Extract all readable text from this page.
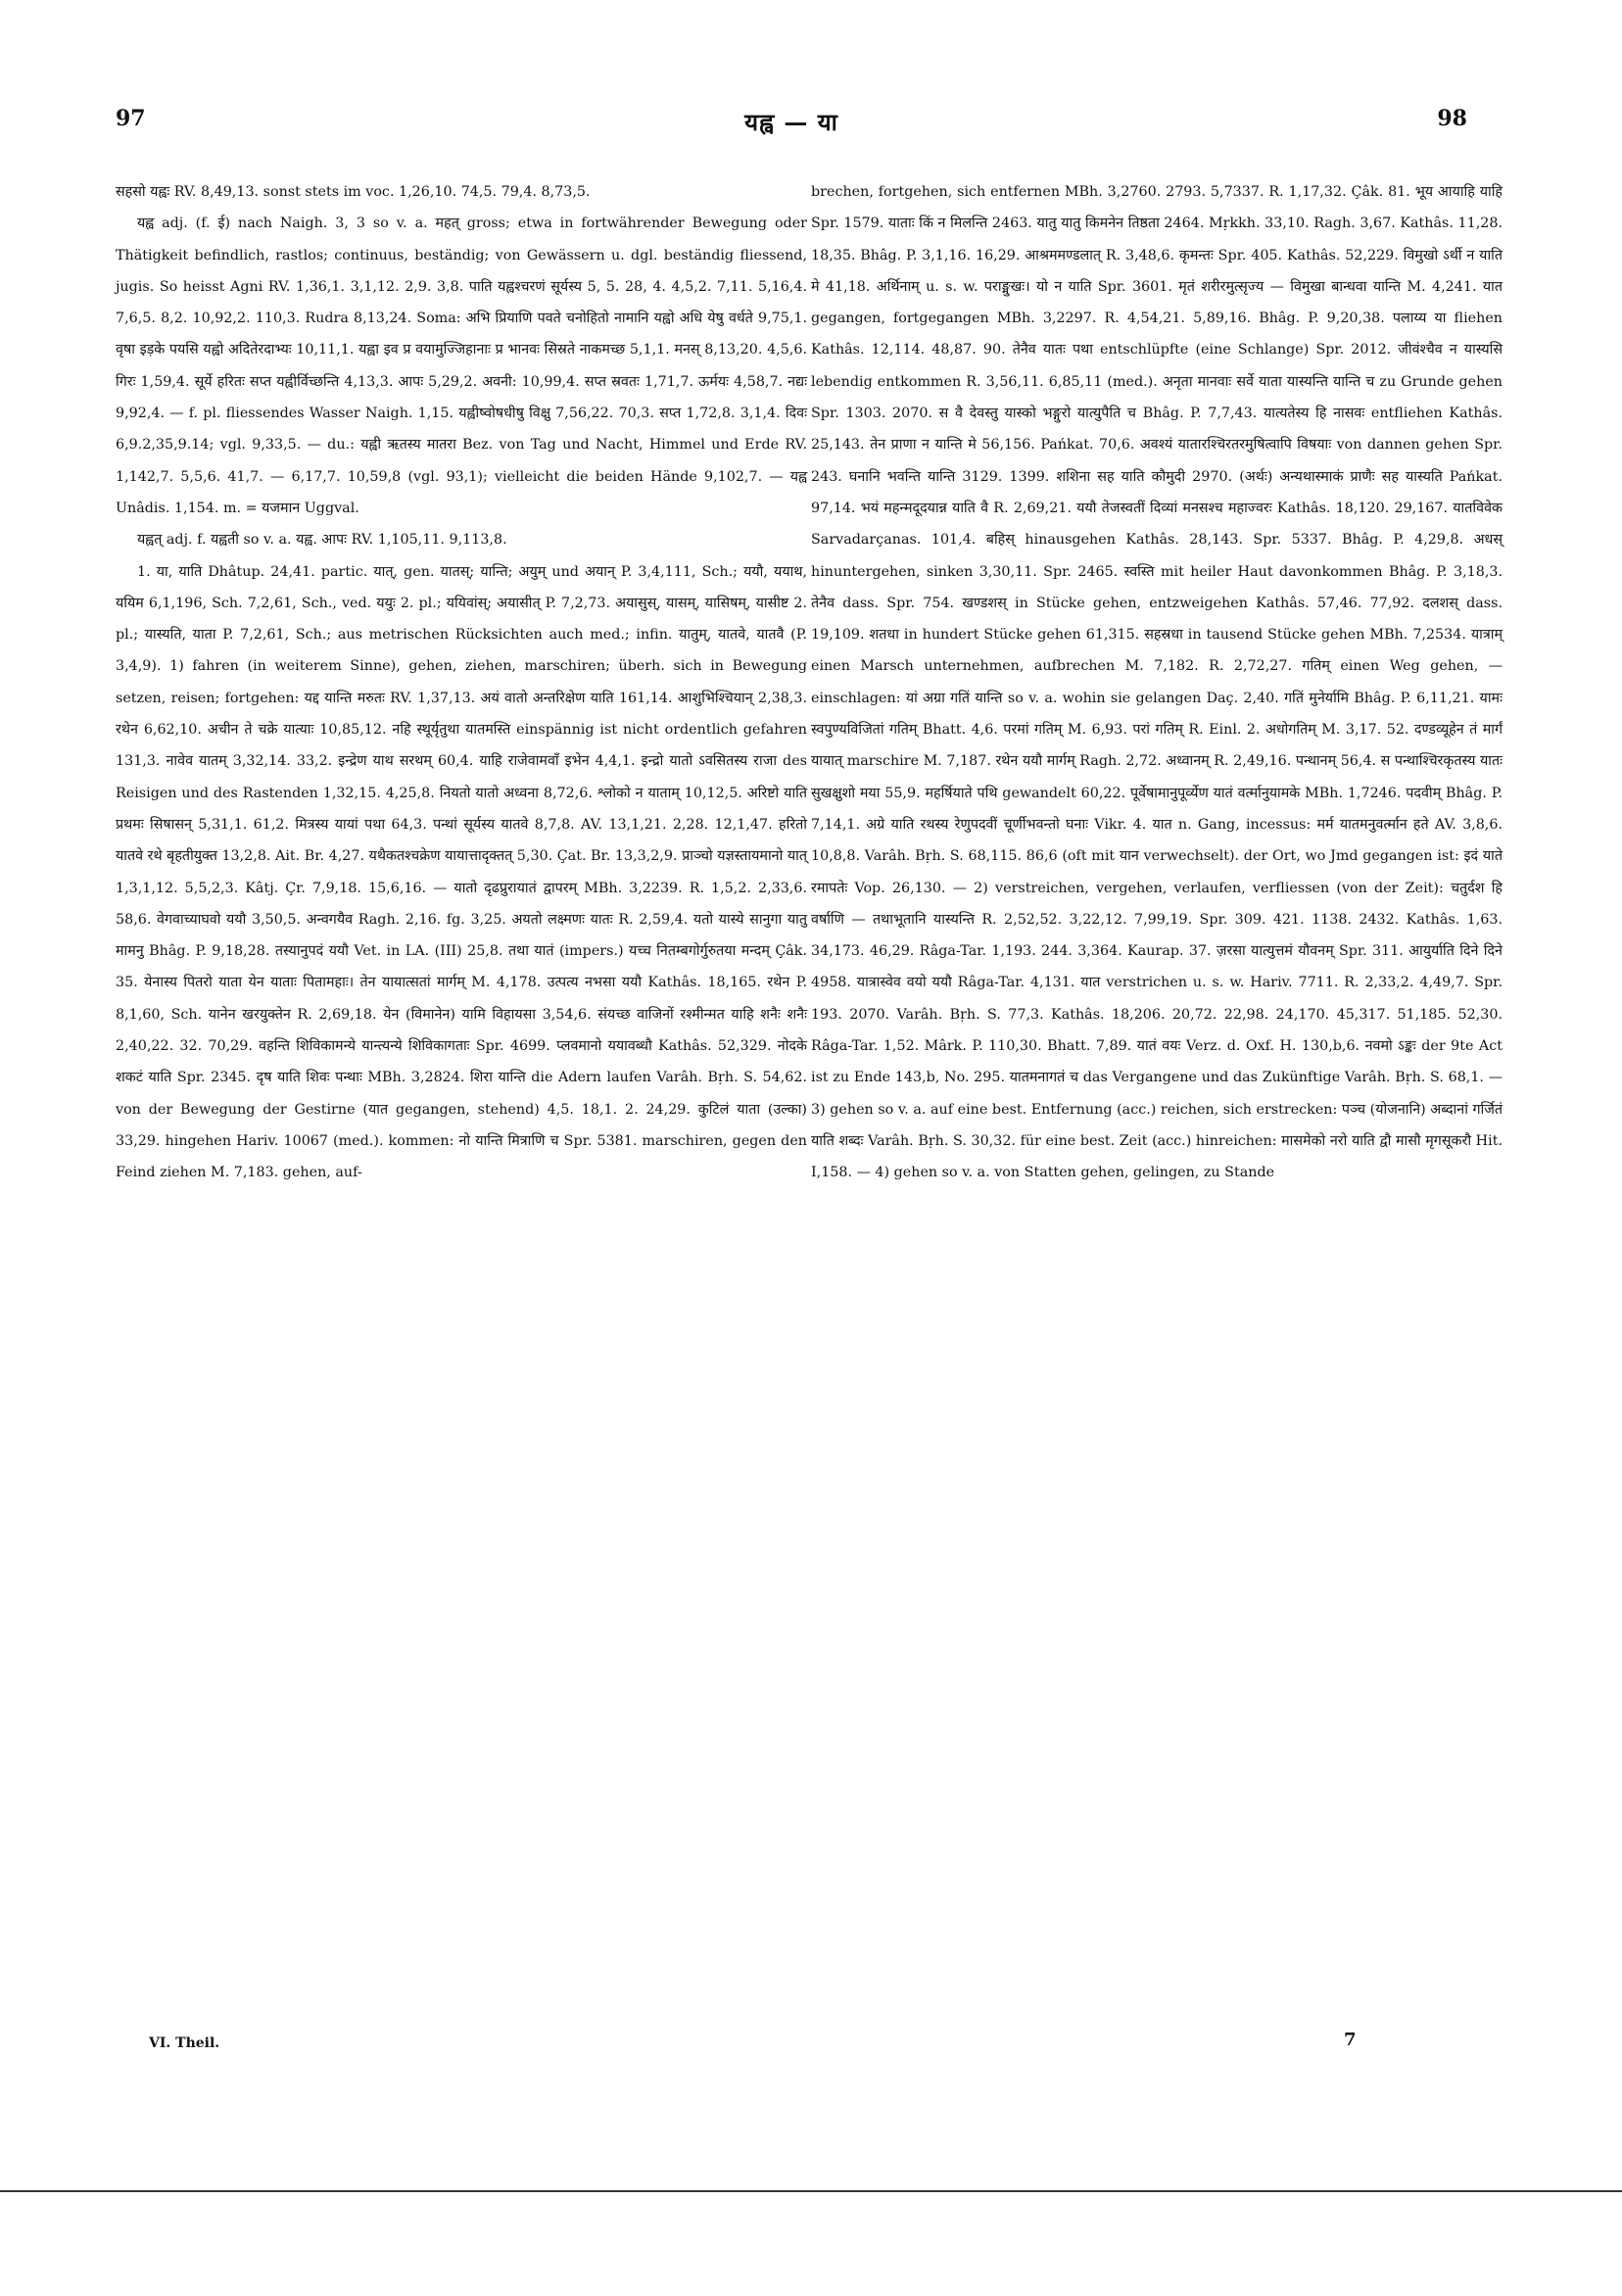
97	यह्व — या	98

सहसो यह्वः RV. 8,49,13. sonst stets im voc. 1,26,10. 74,5. 79,4. 8,73,5.

यह्व adj. (f. ई) nach Naigh. 3, 3 so v. a. महत् gross; etwa in fortwährender Bewegung oder Thätigkeit befindlich, rastlos; continuus, beständig; von Gewässern u. dgl. beständig fliessend, jugis. So heisst Agni RV. 1,36,1. 3,1,12. 2,9. 3,8. पाति यह्वश्चरणं सूर्यस्य 5, 5. 28, 4. 4,5,2. 7,11. 5,16,4. 7,6,5. 8,2. 10,92,2. 110,3. Rudra 8,13,24. Soma: अभि प्रियाणि पवते चनोहितो नामानि यह्वो अधि येषु वर्धते 9,75,1. वृषा इड़के पयसि यह्वो अदितेरदाभ्यः 10,11,1. यह्वा इव प्र वयामुज्जिहानाः प्र भानवः सिस्रते नाकमच्छ 5,1,1. मनस् 8,13,20. 4,5,6. गिरः 1,59,4. सूर्ये हरितः सप्त यह्वीर्विच्छन्ति 4,13,3. आपः 5,29,2. अवनी: 10,99,4. सप्त स्रवतः 1,71,7. ऊर्मयः 4,58,7. नद्यः 9,92,4. — f. pl. fliessendes Wasser Naigh. 1,15. यह्वीष्वोषधीषु विक्षु 7,56,22. 70,3. सप्त 1,72,8. 3,1,4. दिवः 6,9.2,35,9.14; vgl. 9,33,5. — du.: यह्वी ऋतस्य मातरा Bez. von Tag und Nacht, Himmel und Erde RV. 1,142,7. 5,5,6. 41,7. — 6,17,7. 10,59,8 (vgl. 93,1); vielleicht die beiden Hände 9,102,7. — यह्व Unâdis. 1,154. m. = यजमान Uggval.

यह्वत् adj. f. यह्वती so v. a. यह्व. आपः RV. 1,105,11. 9,113,8.

1. या, याति Dhâtup. 24,41. partic. यात्, gen. यातस्; यान्ति; अयुम् und अयान् P. 3,4,111, Sch.; ययौ, ययाथ, ययिम 6,1,196, Sch. 7,2,61, Sch., ved. ययुः 2. pl.; ययिवांस्; अयासीत् P. 7,2,73. अयासुस्, यासम्, यासिषम्, यासीष्ट 2. pl.; यास्यति, याता P. 7,2,61, Sch.; aus metrischen Rücksichten auch med.; infin. यातुम्, यातवे, यातवै (P. 3,4,9). 1) fahren (in weiterem Sinne), gehen, ziehen, marschiren; überh. sich in Bewegung setzen, reisen; fortgehen: यद्द यान्ति मरुतः RV. 1,37,13. अयं वातो अन्तरिक्षेण याति 161,14. आशुभिश्चियान् 2,38,3. रथेन 6,62,10. अचीन ते चक्रे यात्याः 10,85,12. नहि स्थूर्यृतुथा यातमस्ति einspännig ist nicht ordentlich gefahren 131,3. नावेव यातम् 3,32,14. 33,2. इन्द्रेण याथ सरथम् 60,4. याहि राजेवामवाँ इभेन 4,4,1. इन्द्रो यातो ऽवसितस्य राजा des Reisigen und des Rastenden 1,32,15. 4,25,8. नियतो यातो अध्वना 8,72,6. श्लोको न याताम् 10,12,5. अरिष्टो याति प्रथमः सिषासन् 5,31,1. 61,2. मित्रस्य यायां पथा 64,3. पन्थां सूर्यस्य यातवे 8,7,8. AV. 13,1,21. 2,28. 12,1,47. हरितो यातवे रथे बृहतीयुक्त 13,2,8. Ait. Br. 4,27. यथैकतश्चक्रेण यायात्तादृक्तत् 5,30. Çat. Br. 13,3,2,9. प्राञ्चो यज्ञस्तायमानो यात् 1,3,1,12. 5,5,2,3. Kâtj. Çr. 7,9,18. 15,6,16. — यातो दृढप्रुरायातं द्वापरम् MBh. 3,2239. R. 1,5,2. 2,33,6. 58,6. वेगवाच्याघवो ययौ 3,50,5. अन्वगयैव Ragh. 2,16. fg. 3,25. अयतो लक्ष्मणः यातः R. 2,59,4. यतो यास्ये सानुगा यातु मामनु Bhâg. P. 9,18,28. तस्यानुपदं ययौ Vet. in LA. (III) 25,8. तथा यातं (impers.) यच्च नितम्बगोर्गुरुतया मन्दम् Çâk. 35. येनास्य पितरो याता येन याताः पितामहाः। तेन यायात्सतां मार्गम् M. 4,178. उत्पत्य नभसा ययौ Kathâs. 18,165. रथेन P. 8,1,60, Sch. यानेन खरयुक्तेन R. 2,69,18. येन (विमानेन) यामि विहायसा 3,54,6. संयच्छ वाजिनों रश्मीन्मत याहि शनैः शनैः 2,40,22. 32. 70,29. वहन्ति शिविकामन्ये यान्त्यन्ये शिविकागताः Spr. 4699. प्लवमानो ययावब्धौ Kathâs. 52,329. नोदके शकटं याति Spr. 2345. दृष याति शिवः पन्थाः MBh. 3,2824. शिरा यान्ति die Adern laufen Varâh. Bṛh. S. 54,62. von der Bewegung der Gestirne (यात gegangen, stehend) 4,5. 18,1. 2. 24,29. कुटिलं याता (उल्का) 33,29. hingehen Hariv. 10067 (med.). kommen: नो यान्ति मित्राणि च Spr. 5381. marschiren, gegen den Feind ziehen M. 7,183. gehen, auf-

brechen, fortgehen, sich entfernen MBh. 3,2760. 2793. 5,7337. R. 1,17,32. Çâk. 81. भूय आयाहि याहि Spr. 1579. याताः किं न मिलन्ति 2463. यातु यातु किमनेन तिष्ठता 2464. Mṛkkh. 33,10. Ragh. 3,67. Kathâs. 11,28. 18,35. Bhâg. P. 3,1,16. 16,29. आश्रममण्डलात् R. 3,48,6. कृमन्तः Spr. 405. Kathâs. 52,229. विमुखो ऽर्थी न याति मे 41,18. अर्थिनाम् u. s. w. पराङ्मुखः। यो न याति Spr. 3601. मृतं शरीरमुत्सृज्य — विमुखा बान्धवा यान्ति M. 4,241. यात gegangen, fortgegangen MBh. 3,2297. R. 4,54,21. 5,89,16. Bhâg. P. 9,20,38. पलाय्य या fliehen Kathâs. 12,114. 48,87. 90. तेनैव यातः पथा entschlüpfte (eine Schlange) Spr. 2012. जीवंश्चैव न यास्यसि lebendig entkommen R. 3,56,11. 6,85,11 (med.). अनृता मानवाः सर्वे याता यास्यन्ति यान्ति च zu Grunde gehen Spr. 1303. 2070. स वै देवस्तु यास्को भङ्गुरो यात्युपैति च Bhâg. P. 7,7,43. यात्यतेस्य हि नासवः entfliehen Kathâs. 25,143. तेन प्राणा न यान्ति मे 56,156. Pańkat. 70,6. अवश्यं यातारश्चिरतरमुषित्वापि विषयाः von dannen gehen Spr. 243. घनानि भवन्ति यान्ति 3129. 1399. शशिना सह याति कौमुदी 2970. (अर्थः) अन्यथास्माकं प्राणैः सह यास्यति Pańkat. 97,14. भयं महन्मदूदयान्न याति वै R. 2,69,21. ययौ तेजस्वतीं दिव्यां मनसश्च महाज्वरः Kathâs. 18,120. 29,167. यातविवेक Sarvadarçanas. 101,4. बहिस् hinausgehen Kathâs. 28,143. Spr. 5337. Bhâg. P. 4,29,8. अधस् hinuntergehen, sinken 3,30,11. Spr. 2465. स्वस्ति mit heiler Haut davonkommen Bhâg. P. 3,18,3. तेनैव dass. Spr. 754. खण्डशस् in Stücke gehen, entzweigehen Kathâs. 57,46. 77,92. दलशस् dass. 19,109. शतधा in hundert Stücke gehen 61,315. सहस्रधा in tausend Stücke gehen MBh. 7,2534. यात्राम् einen Marsch unternehmen, aufbrechen M. 7,182. R. 2,72,27. गतिम् einen Weg gehen, — einschlagen: यां अग्रा गतिं यान्ति so v. a. wohin sie gelangen Daç. 2,40. गतिं मुनेर्यामि Bhâg. P. 6,11,21. यामः स्वपुण्यविजितां गतिम् Bhatt. 4,6. परमां गतिम् M. 6,93. परां गतिम् R. Einl. 2. अधोगतिम् M. 3,17. 52. दण्डव्यूहेन तं मार्गं यायात् marschire M. 7,187. रथेन ययौ मार्गम् Ragh. 2,72. अध्वानम् R. 2,49,16. पन्थानम् 56,4. स पन्थाश्चिरकृतस्य यातः सुखक्षुशो मया 55,9. महर्षियाते पथि gewandelt 60,22. पूर्वेषामानुपूर्व्येण यातं वर्त्मानुयामके MBh. 1,7246. पदवीम् Bhâg. P. 7,14,1. अग्रे याति रथस्य रेणुपदवीं चूर्णीभवन्तो घनाः Vikr. 4. यात n. Gang, incessus: मर्म यातमनुवर्त्मान हते AV. 3,8,6. 10,8,8. Varâh. Bṛh. S. 68,115. 86,6 (oft mit यान verwechselt). der Ort, wo Jmd gegangen ist: इदं याते रमापतेः Vop. 26,130. — 2) verstreichen, vergehen, verlaufen, verfliessen (von der Zeit): चतुर्दश हि वर्षाणि — तथाभूतानि यास्यन्ति R. 2,52,52. 3,22,12. 7,99,19. Spr. 309. 421. 1138. 2432. Kathâs. 1,63. 34,173. 46,29. Râga-Tar. 1,193. 244. 3,364. Kaurap. 37. ज़रसा यात्युत्तमं यौवनम् Spr. 311. आयुर्याति दिने दिने 4958. यात्रास्वेव वयो ययौ Râga-Tar. 4,131. यात verstrichen u. s. w. Hariv. 7711. R. 2,33,2. 4,49,7. Spr. 193. 2070. Varâh. Bṛh. S. 77,3. Kathâs. 18,206. 20,72. 22,98. 24,170. 45,317. 51,185. 52,30. Râga-Tar. 1,52. Mârk. P. 110,30. Bhatt. 7,89. यातं वयः Verz. d. Oxf. H. 130,b,6. नवमो ऽङ्कः der 9te Act ist zu Ende 143,b, No. 295. यातमनागतं च das Vergangene und das Zukünftige Varâh. Bṛh. S. 68,1. — 3) gehen so v. a. auf eine best. Entfernung (acc.) reichen, sich erstrecken: पञ्च (योजनानि) अब्दानां गर्जितं याति शब्दः Varâh. Bṛh. S. 30,32. für eine best. Zeit (acc.) hinreichen: मासमेको नरो याति द्वौ मासौ मृगसूकरौ Hit. I,158. — 4) gehen so v. a. von Statten gehen, gelingen, zu Stande

VI. Theil.	7
